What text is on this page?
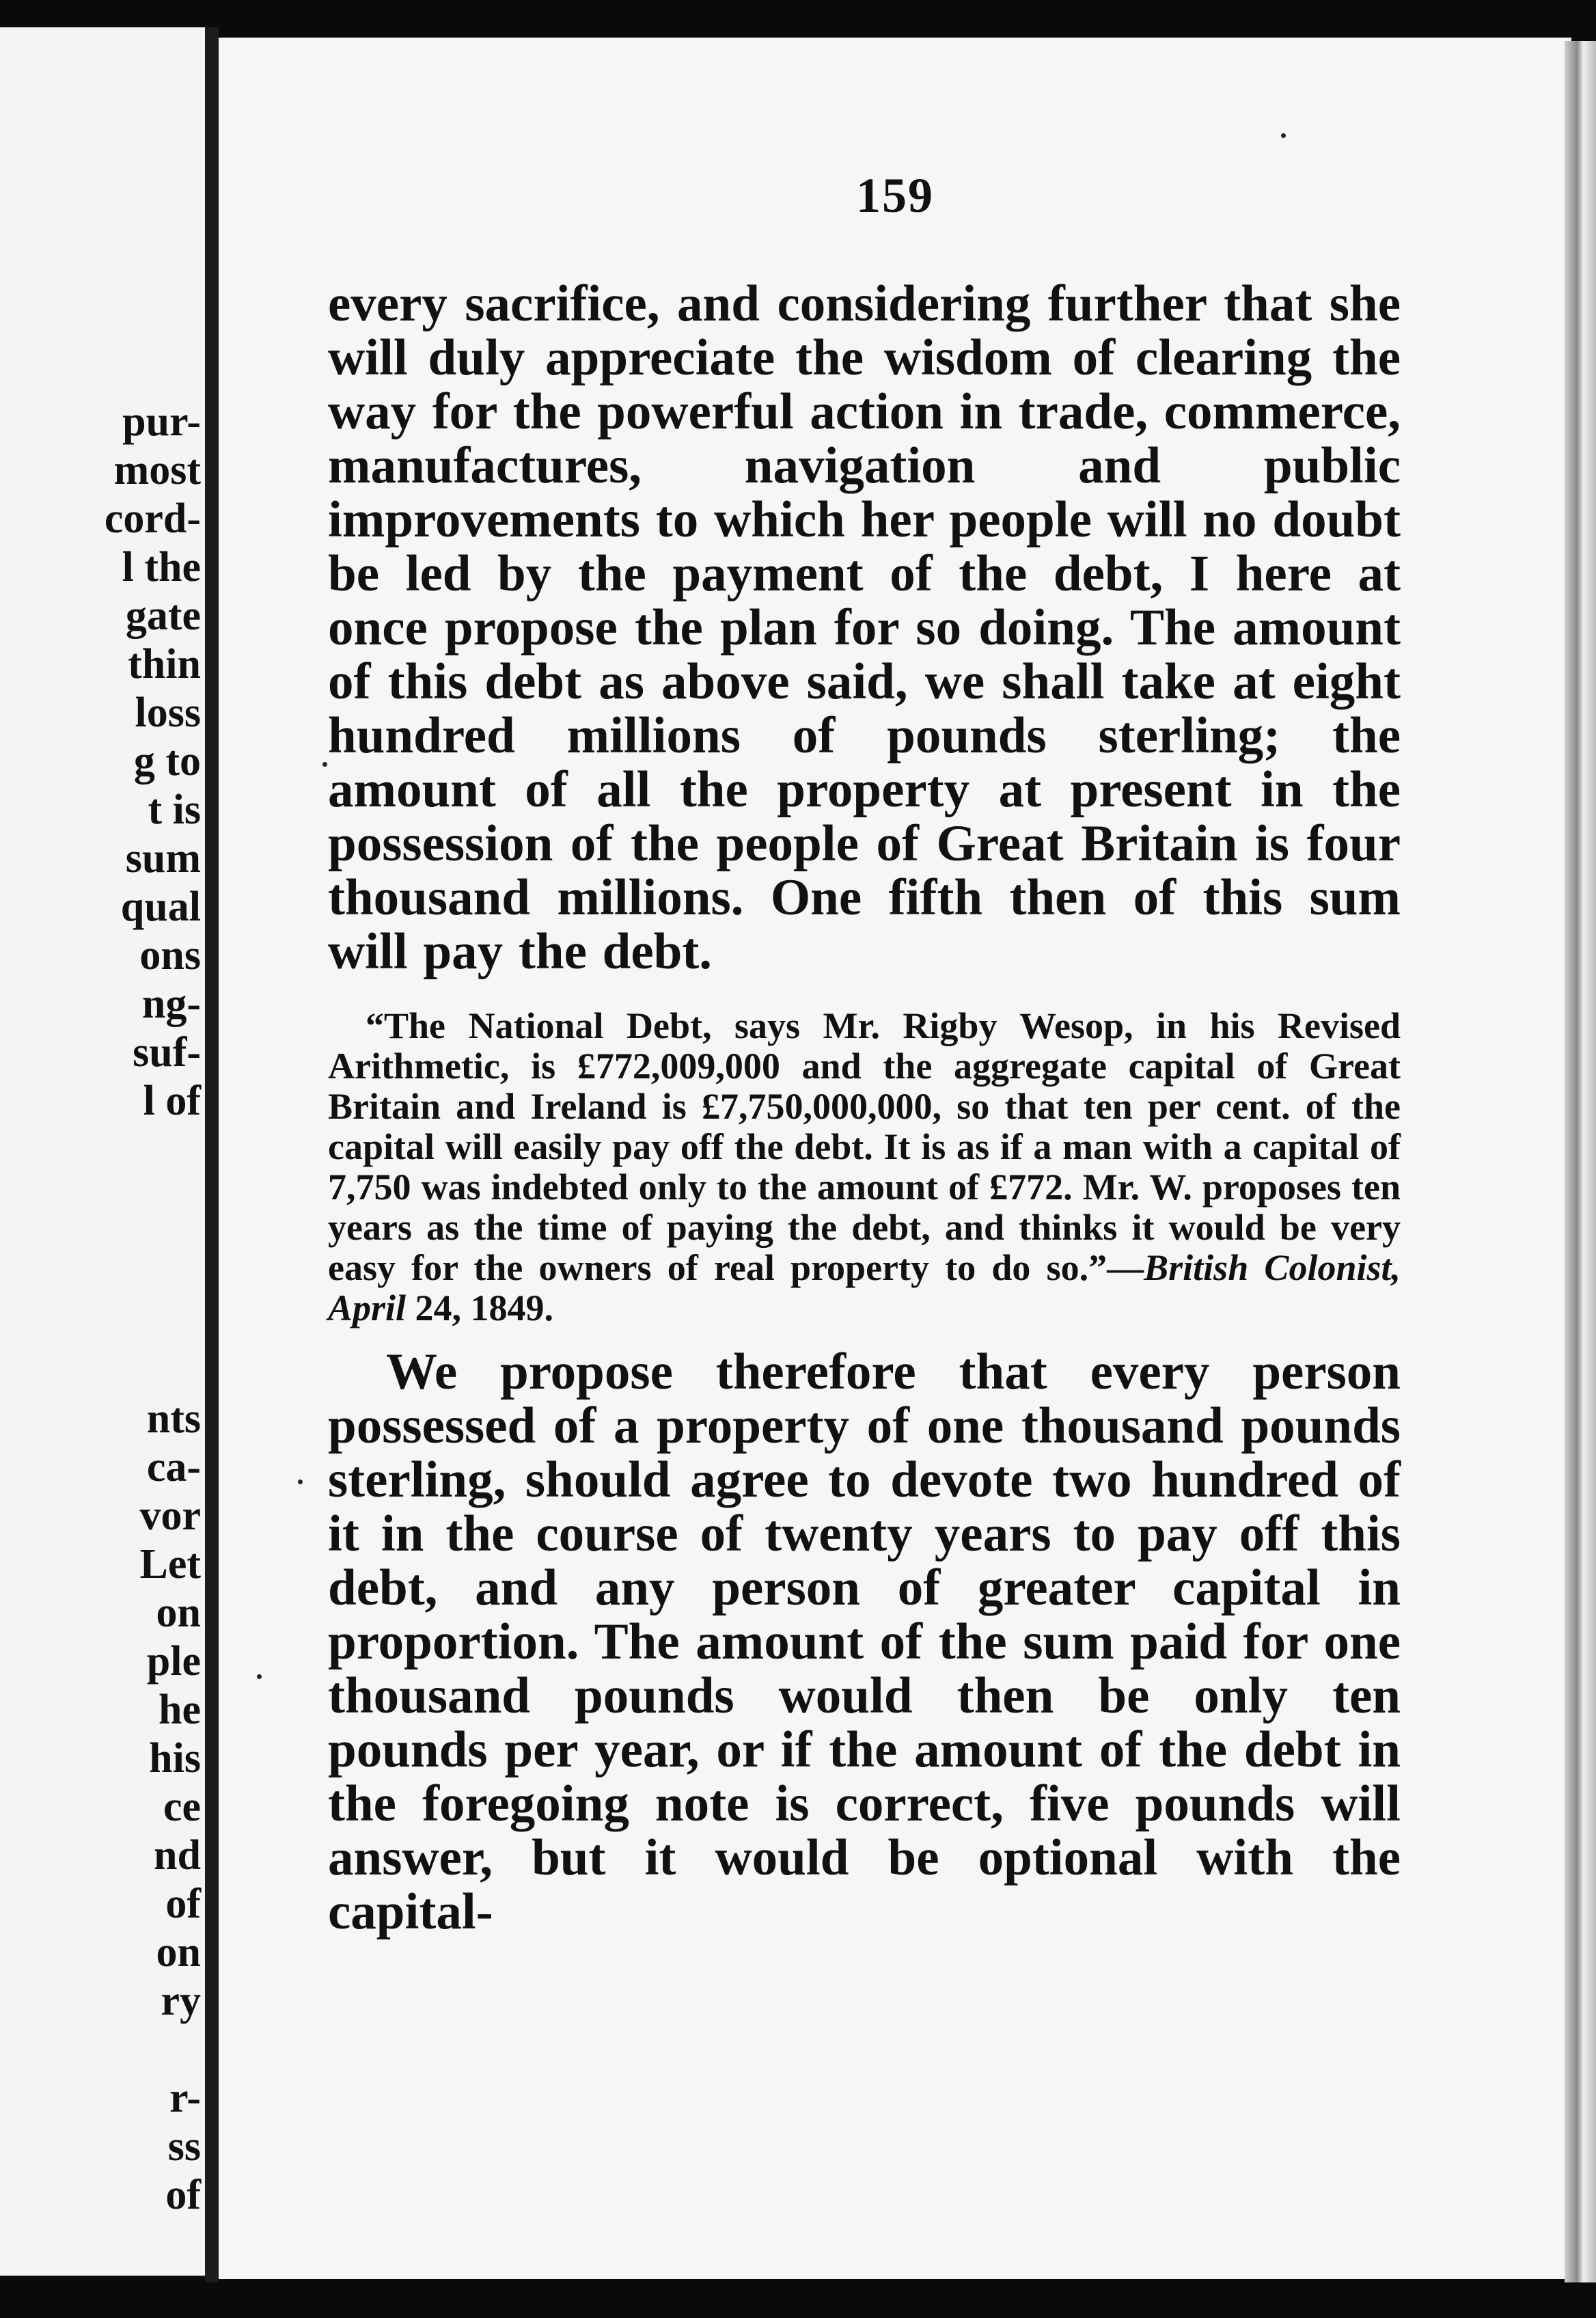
pur-
most
cord-
l the
gate
thin
loss
g to
t is
sum
qual
ons
ng-
suf-
l of

nts
ca-
vor
Let
on
ple
he
his
ce
nd
of
on
ry

r-
ss
of

159

every sacrifice, and considering further that she will duly appreciate the wisdom of clearing the way for the powerful action in trade, commerce, manufactures, navigation and public improvements to which her people will no doubt be led by the payment of the debt, I here at once propose the plan for so doing. The amount of this debt as above said, we shall take at eight hundred millions of pounds sterling; the amount of all the property at present in the possession of the people of Great Britain is four thousand millions. One fifth then of this sum will pay the debt.

“The National Debt, says Mr. Rigby Wesop, in his Revised Arithmetic, is £772,009,000 and the aggregate capital of Great Britain and Ireland is £7,750,000,000, so that ten per cent. of the capital will easily pay off the debt. It is as if a man with a capital of 7,750 was indebted only to the amount of £772. Mr. W. proposes ten years as the time of paying the debt, and thinks it would be very easy for the owners of real property to do so.”—British Colonist, April 24, 1849.

We propose therefore that every person possessed of a property of one thousand pounds sterling, should agree to devote two hundred of it in the course of twenty years to pay off this debt, and any person of greater capital in proportion. The amount of the sum paid for one thousand pounds would then be only ten pounds per year, or if the amount of the debt in the foregoing note is correct, five pounds will answer, but it would be optional with the capital-
